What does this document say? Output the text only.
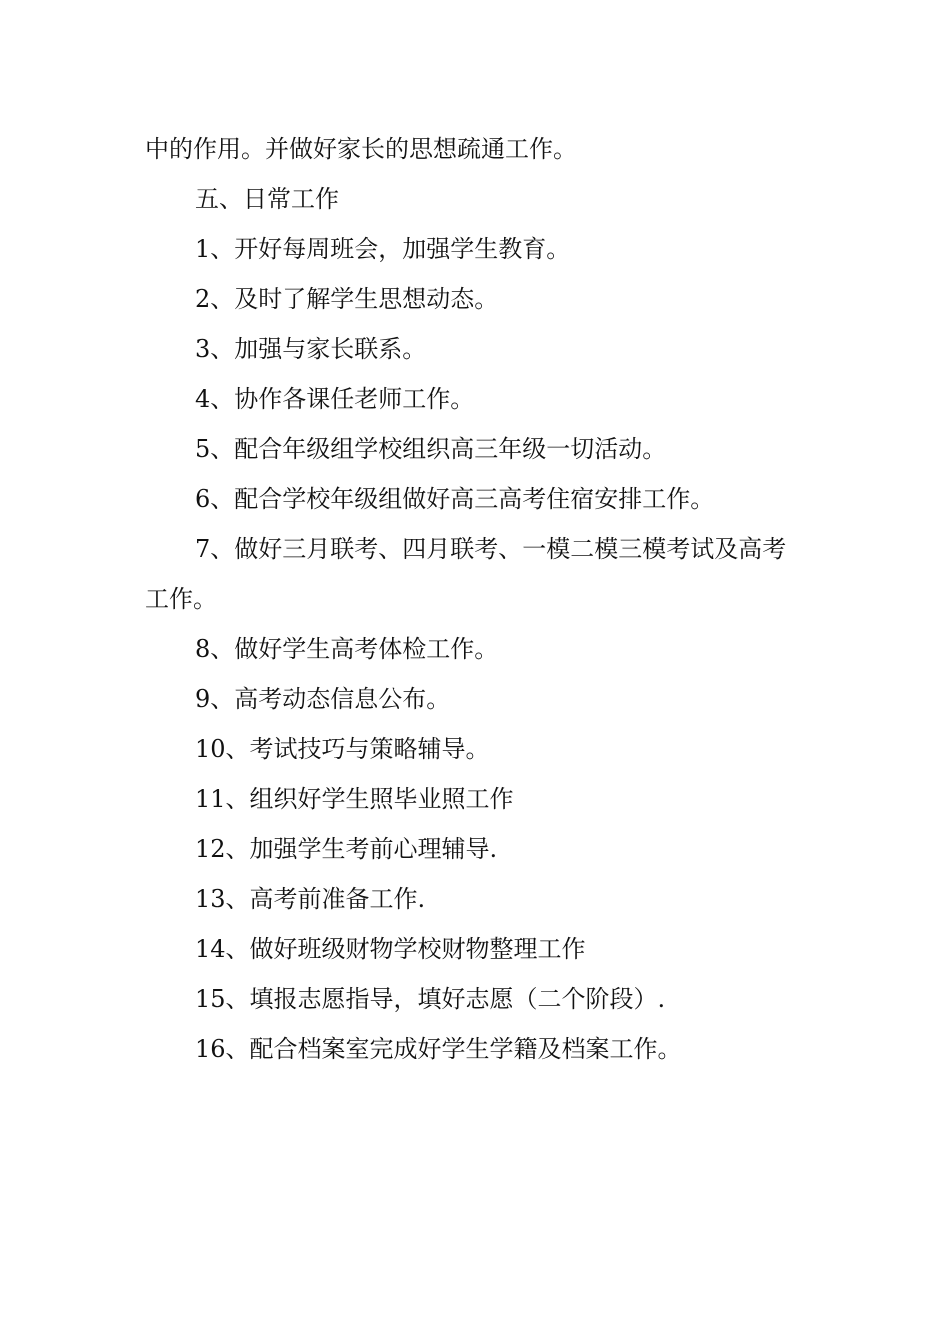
中的作用。并做好家长的思想疏通工作。

五、日常工作

1、开好每周班会，加强学生教育。

2、及时了解学生思想动态。

3、加强与家长联系。

4、协作各课任老师工作。

5、配合年级组学校组织高三年级一切活动。

6、配合学校年级组做好高三高考住宿安排工作。

7、做好三月联考、四月联考、一模二模三模考试及高考工作。

8、做好学生高考体检工作。

9、高考动态信息公布。

10、考试技巧与策略辅导。

11、组织好学生照毕业照工作

12、加强学生考前心理辅导.

13、高考前准备工作.

14、做好班级财物学校财物整理工作

15、填报志愿指导，填好志愿（二个阶段）.

16、配合档案室完成好学生学籍及档案工作。
